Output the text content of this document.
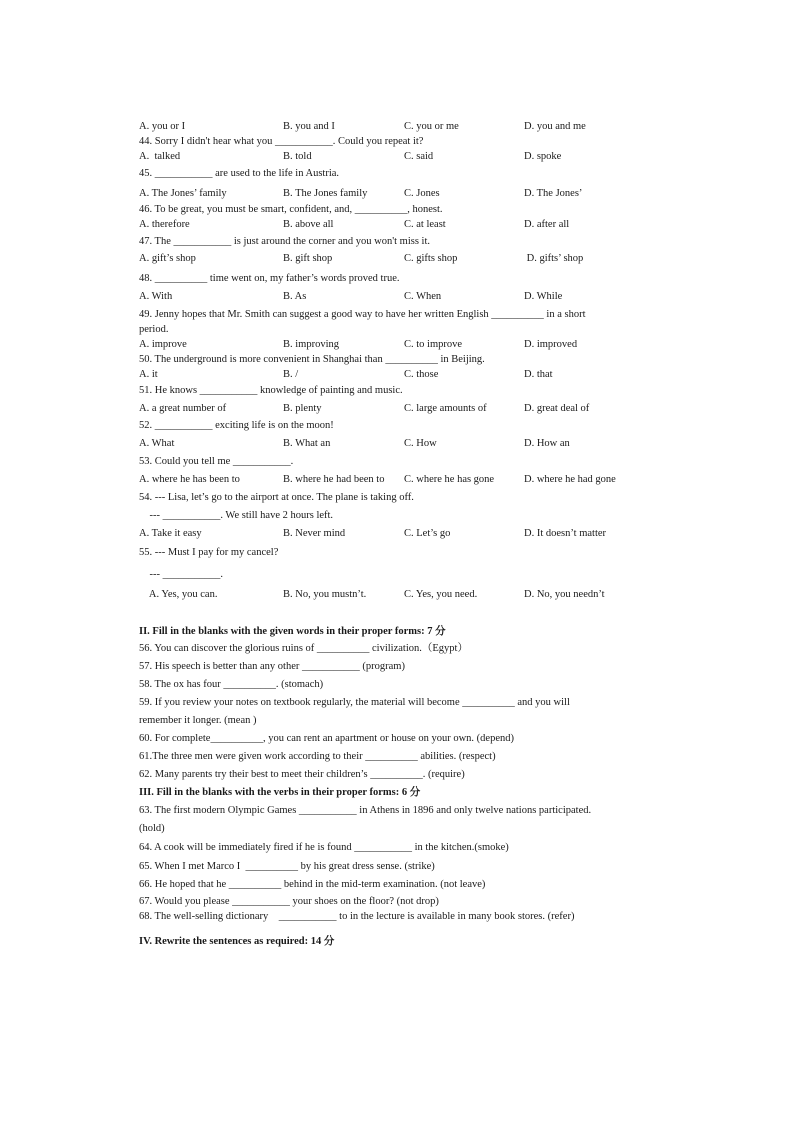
A. you or I	B. you and I	C. you or me	D. you and me
44. Sorry I didn't hear what you ___________. Could you repeat it?
A.  talked	B. told	C. said	D. spoke
45. ___________ are used to the life in Austria.
A. The Jones’ family	B. The Jones family	C. Jones	D. The Jones’
46. To be great, you must be smart, confident, and, __________, honest.
A. therefore	B. above all	C. at least	D. after all
47. The ___________ is just around the corner and you won't miss it.
A. gift’s shop	B. gift shop	C. gifts shop	D. gifts’ shop
48. __________ time went on, my father’s words proved true.
A. With	B. As	C. When	D. While
49. Jenny hopes that Mr. Smith can suggest a good way to have her written English __________ in a short
period.
A. improve	B. improving	C. to improve	D. improved
50. The underground is more convenient in Shanghai than __________ in Beijing.
A. it	B. /	C. those	D. that
51. He knows ___________ knowledge of painting and music.
A. a great number of	B. plenty	C. large amounts of	D. great deal of
52. ___________ exciting life is on the moon!
A. What	B. What an	C. How	D. How an
53. Could you tell me ___________.
A. where he has been to	B. where he had been to C. where he has gone	D. where he had gone
54. --- Lisa, let’s go to the airport at once. The plane is taking off.
--- ___________. We still have 2 hours left.
A. Take it easy	B. Never mind	C. Let’s go	D. It doesn’t matter
55. --- Must I pay for my cancel?
--- ___________.
A. Yes, you can.	B. No, you mustn’t.	C. Yes, you need.	D. No, you needn’t
II. Fill in the blanks with the given words in their proper forms: 7 分
56. You can discover the glorious ruins of __________ civilization.（Egypt）
57. His speech is better than any other ___________ (program)
58. The ox has four __________. (stomach)
59. If you review your notes on textbook regularly, the material will become __________ and you will
remember it longer. (mean )
60. For complete__________, you can rent an apartment or house on your own. (depend)
61.The three men were given work according to their __________ abilities. (respect)
62. Many parents try their best to meet their children’s __________. (require)
III. Fill in the blanks with the verbs in their proper forms: 6 分
63. The first modern Olympic Games ___________ in Athens in 1896 and only twelve nations participated.
(hold)
64. A cook will be immediately fired if he is found ___________ in the kitchen.(smoke)
65. When I met Marco I  __________ by his great dress sense. (strike)
66. He hoped that he __________ behind in the mid-term examination. (not leave)
67. Would you please ___________ your shoes on the floor? (not drop)
68. The well-selling dictionary    ___________ to in the lecture is available in many book stores. (refer)
IV. Rewrite the sentences as required: 14 分
